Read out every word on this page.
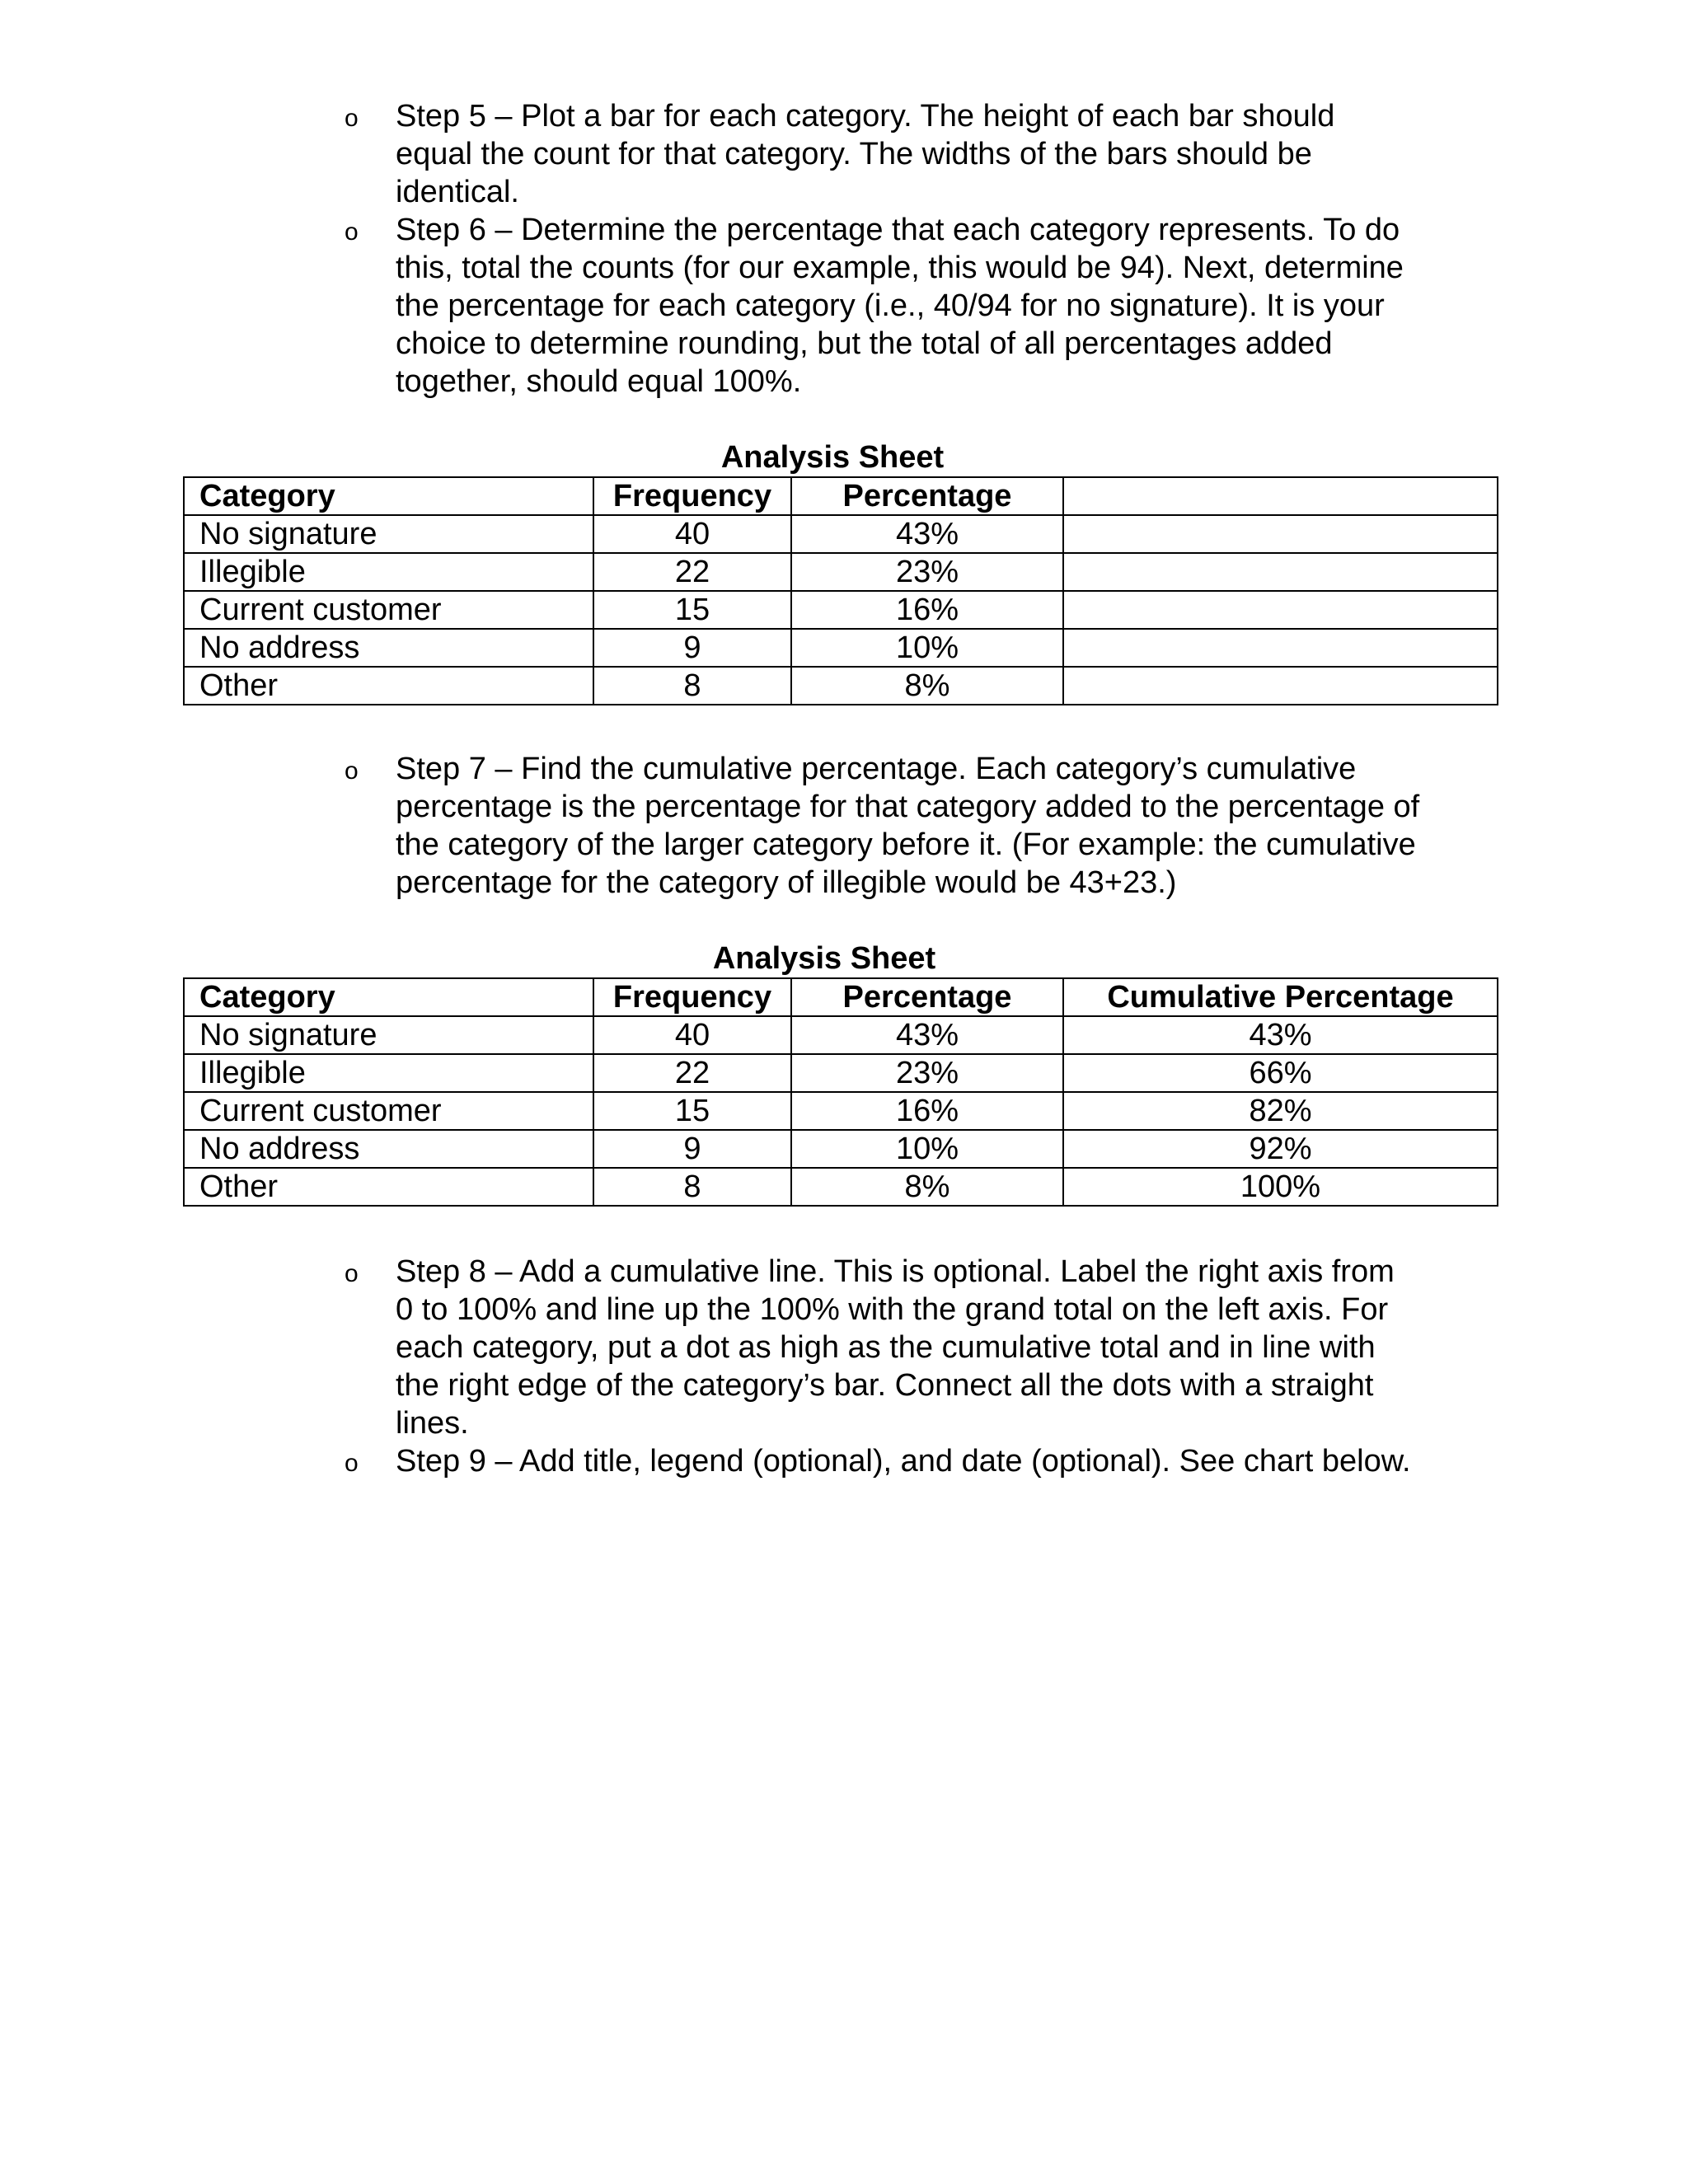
o Step 5 – Plot a bar for each category. The height of each bar should
equal the count for that category. The widths of the bars should be
identical.
o Step 6 – Determine the percentage that each category represents. To do
this, total the counts (for our example, this would be 94). Next, determine
the percentage for each category (i.e., 40/94 for no signature). It is your
choice to determine rounding, but the total of all percentages added
together, should equal 100%.
Analysis Sheet
Category	Frequency	Percentage	
No signature	40	43%	
Illegible	22	23%	
Current customer	15	16%	
No address	9	10%	
Other	8	8%	
o Step 7 – Find the cumulative percentage. Each category’s cumulative
percentage is the percentage for that category added to the percentage of
the category of the larger category before it. (For example: the cumulative
percentage for the category of illegible would be 43+23.)
Analysis Sheet
Category	Frequency	Percentage	Cumulative Percentage
No signature	40	43%	43%
Illegible	22	23%	66%
Current customer	15	16%	82%
No address	9	10%	92%
Other	8	8%	100%
o Step 8 – Add a cumulative line. This is optional. Label the right axis from
0 to 100% and line up the 100% with the grand total on the left axis. For
each category, put a dot as high as the cumulative total and in line with
the right edge of the category’s bar. Connect all the dots with a straight
lines.
o Step 9 – Add title, legend (optional), and date (optional). See chart below.
